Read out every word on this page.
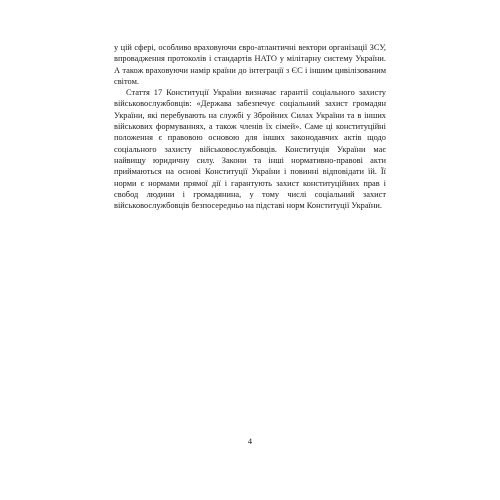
у цій сфері, особливо враховуючи євро-атлантичні вектори організації ЗСУ, впровадження протоколів і стандартів НАТО у мілітарну систему України. А також враховуючи намір країни до інтеграції з ЄС і іншим цивілізованим світом.

Стаття 17 Конституції України визначає гарантії соціального захисту військовослужбовців: «Держава забезпечує соціальний захист громадян України, які перебувають на службі у Збройних Силах України та в інших військових формуваннях, а також членів їх сімей». Саме ці конституційні положення є правовою основою для інших законодавчих актів щодо соціального захисту військовослужбовців. Конституція України має найвищу юридичну силу. Закони та інші нормативно-правові акти приймаються на основі Конституції України і повинні відповідати їй. Її норми є нормами прямої дії і гарантують захист конституційних прав і свобод людини і громадянина, у тому числі соціальний захист військовослужбовців безпосередньо на підставі норм Конституції України.

4
